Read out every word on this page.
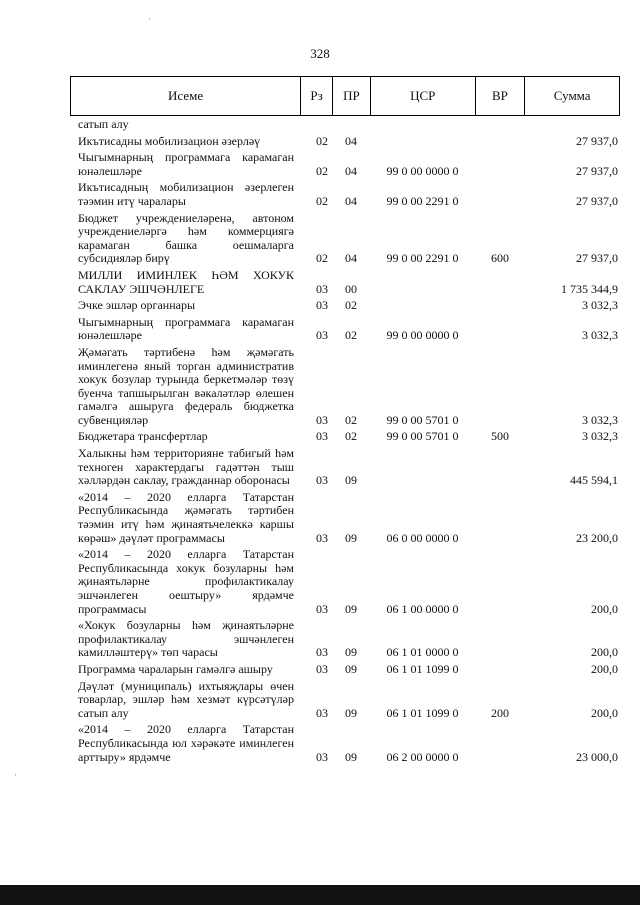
328
Исеме	Рз	ПР	ЦСР	ВР	Сумма
сатып алу
Икътисадны мобилизацион әзерләү	02	04	27 937,0
Чыгымнарның программага карамаган юнәлешләре	02	04	99 0 00 0000 0	27 937,0
Икътисадның мобилизацион әзерлеген тәэмин итү чаралары	02	04	99 0 00 2291 0	27 937,0
Бюджет учреждениеләренә, автоном учреждениеләргә һәм коммерциягә карамаган башка оешмаларга субсидияләр бирү	02	04	99 0 00 2291 0	600	27 937,0
МИЛЛИ ИМИНЛЕК ҺӘМ ХОКУК САКЛАУ ЭШЧӘНЛЕГЕ	03	00	1 735 344,9
Эчке эшләр органнары	03	02	3 032,3
Чыгымнарның программага карамаган юнәлешләре	03	02	99 0 00 0000 0	3 032,3
Җәмәгать тәртибенә һәм җәмәгать иминлегенә яный торган административ хокук бозулар турында беркетмәләр төзү буенча тапшырылган вәкаләтләр өлешен гамәлгә ашыруга федераль бюджетка субвенцияләр	03	02	99 0 00 5701 0	3 032,3
Бюджетара трансфертлар	03	02	99 0 00 5701 0	500	3 032,3
Халыкны һәм территорияне табигый һәм техноген характердагы гадәттән тыш хәлләрдән саклау, гражданнар оборонасы	03	09	445 594,1
«2014 – 2020 елларга Татарстан Республикасында җәмәгать тәртибен тәэмин итү һәм җинаятьчелеккә каршы көрәш» дәүләт программасы	03	09	06 0 00 0000 0	23 200,0
«2014 – 2020 елларга Татарстан Республикасында хокук бозуларны һәм җинаятьләрне профилактикалау эшчәнлеген оештыру» ярдәмче программасы	03	09	06 1 00 0000 0	200,0
«Хокук бозуларны һәм җинаятьләрне профилактикалау эшчәнлеген камилләштерү» төп чарасы	03	09	06 1 01 0000 0	200,0
Программа чараларын гамәлгә ашыру	03	09	06 1 01 1099 0	200,0
Дәүләт (муниципаль) ихтыяҗлары өчен товарлар, эшләр һәм хезмәт күрсәтүләр сатып алу	03	09	06 1 01 1099 0	200	200,0
«2014 – 2020 елларга Татарстан Республикасында юл хәрәкәте иминлеген арттыру» ярдәмче	03	09	06 2 00 0000 0	23 000,0
·
·
